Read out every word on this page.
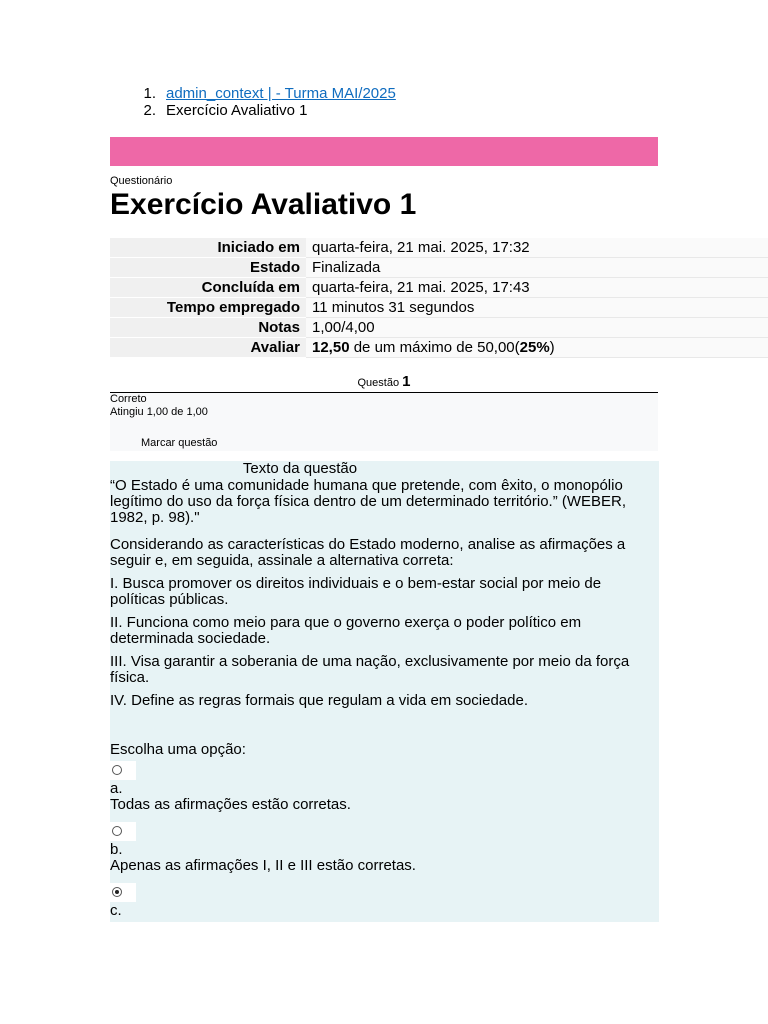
1. admin_context | - Turma MAI/2025
2. Exercício Avaliativo 1
Questionário
Exercício Avaliativo 1
Iniciado em	quarta-feira, 21 mai. 2025, 17:32
Estado	Finalizada
Concluída em	quarta-feira, 21 mai. 2025, 17:43
Tempo empregado	11 minutos 31 segundos
Notas	1,00/4,00
Avaliar	12,50 de um máximo de 50,00(25%)
Questão 1
Correto
Atingiu 1,00 de 1,00
Marcar questão
Texto da questão

“O Estado é uma comunidade humana que pretende, com êxito, o monopólio legítimo do uso da força física dentro de um determinado território.” (WEBER, 1982, p. 98)."

Considerando as características do Estado moderno, analise as afirmações a seguir e, em seguida, assinale a alternativa correta:

I. Busca promover os direitos individuais e o bem-estar social por meio de políticas públicas.

II. Funciona como meio para que o governo exerça o poder político em determinada sociedade.

III. Visa garantir a soberania de uma nação, exclusivamente por meio da força física.

IV. Define as regras formais que regulam a vida em sociedade.

Escolha uma opção:

a.
Todas as afirmações estão corretas.
b.
Apenas as afirmações I, II e III estão corretas.
c.
